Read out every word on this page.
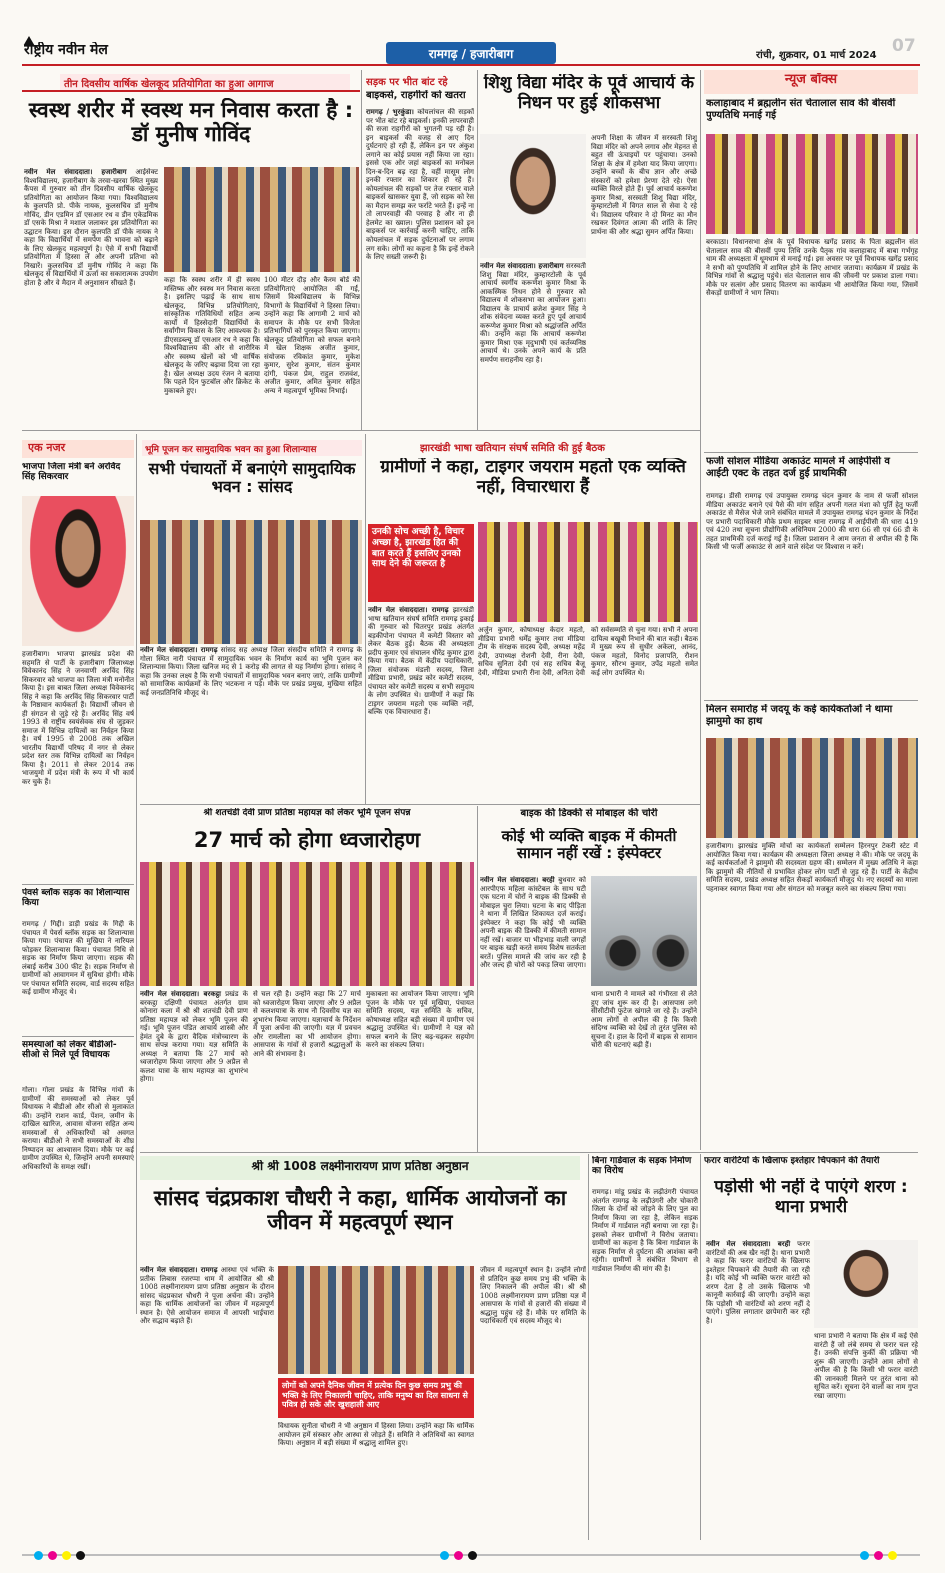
राष्ट्रीय नवीन मेल	रामगढ़ / हजारीबाग	रांची, शुक्रवार, 01 मार्च 2024 07
तीन दिवसीय वार्षिक खेलकूद प्रतियोगिता का हुआ आगाज
स्वस्थ शरीर में स्वस्थ मन निवास करता है : डॉ मुनीष गोविंद
नवीन मेल संवाददाता। हजारीबाग आईसेक्ट विश्वविद्यालय, हजारीबाग के तरवा-खरवा स्थित मुख्य कैंपस में गुरुवार को तीन दिवसीय वार्षिक खेलकूद प्रतियोगिता का आयोजन किया गया। विश्वविद्यालय के कुलपति प्रो. पीके नायक, कुलसचिव डॉ मुनीष गोविंद, डीन एडमिन डॉ एसआर रथ व डीन एकेडमिक डॉ एसके मिश्रा ने मशाल जलाकर इस प्रतियोगिता का उद्घाटन किया। इस दौरान कुलपति डॉ पीके नायक ने कहा कि विद्यार्थियों में समर्पण की भावना को बढ़ाने के लिए खेलकूद महत्वपूर्ण है। ऐसे में सभी विद्यार्थी प्रतियोगिता में हिस्सा लें और अपनी प्रतिभा को निखारें। कुलसचिव डॉ मुनीष गोविंद ने कहा कि खेलकूद से विद्यार्थियों में ऊर्जा का सकारात्मक उपयोग होता है और वे मैदान में अनुशासन सीखते हैं।	कहा कि स्वस्थ शरीर में ही स्वस्थ मस्तिष्क और स्वस्थ मन निवास करता है। इसलिए पढ़ाई के साथ साथ खेलकूद, विभिन्न प्रतियोगिताएं, सांस्कृतिक गतिविधियों सहित अन्य कार्यों में हिस्सेदारी विद्यार्थियों के सर्वांगीण विकास के लिए आवश्यक है। डीएसडब्ल्यू डॉ एसआर रथ ने कहा कि विश्वविद्यालय की ओर से शारीरिक और स्वस्थ्य खेलों को भी वार्षिक खेलकूद के जरिए बढ़ावा दिया जा रहा है। खेल अध्यक्ष उदय रंजन ने बताया कि पहले दिन फुटबॉल और क्रिकेट के मुकाबले हुए।
100 मीटर दौड़ और कैरम बोर्ड की प्रतियोगिताएं आयोजित की गईं, जिसमें विश्वविद्यालय के विभिन्न विभागों के विद्यार्थियों ने हिस्सा लिया। उन्होंने कहा कि आगामी 2 मार्च को समापन के मौके पर सभी विजेता प्रतिभागियों को पुरस्कृत किया जाएगा। खेलकूद प्रतियोगिता को सफल बनाने में खेल शिक्षक अजीत कुमार, संयोजक रविकांत कुमार, मुकेश कुमार, सुरेश कुमार, संतन कुमार दांगी, पंकज प्रेम, राहुल राजवंश, अजीत कुमार, अमित कुमार सहित अन्य ने महत्वपूर्ण भूमिका निभाई।
सड़क पर भीत बांट रहे
बाइकर्स, राहगीरों को खतरा
रामगढ़ / भुरकुंडा। कोयलांचल की सड़कों पर भीत बांट रहे बाइकर्स। इनकी लापरवाही की सजा राहगीरों को भुगतनी पड़ रही है। इन बाइकर्स की वजह से आए दिन दुर्घटनाएं हो रही हैं, लेकिन इन पर अंकुश लगाने का कोई प्रयास नहीं किया जा रहा। इससे एक ओर जहां बाइकर्स का मनोबल दिन-ब-दिन बढ़ रहा है, वहीं मासूम लोग इनकी रफ्तार का शिकार हो रहे हैं। कोयलांचल की सड़कों पर तेज रफ्तार वाले बाइकर्स खासकर युवा हैं, जो सड़क को रेस का मैदान समझ कर फर्राटे भरते हैं। इन्हें ना तो लापरवाही की परवाह है और ना ही हेलमेट का ख्याल। पुलिस प्रशासन को इन बाइकर्स पर कार्रवाई करनी चाहिए, ताकि कोयलांचल में सड़क दुर्घटनाओं पर लगाम लग सके। लोगों का कहना है कि इन्हें रोकने के लिए सख्ती जरूरी है।
शिशु विद्या मंदिर के पूर्व आचार्य के निधन पर हुई शोकसभा
नवीन मेल संवाददाता। हजारीबाग सरस्वती शिशु विद्या मंदिर, कुम्हारटोली के पूर्व आचार्य स्वर्गीय करूणेश कुमार मिश्रा के आकस्मिक निधन होने से गुरुवार को विद्यालय में शोकसभा का आयोजन हुआ। विद्यालय के प्राचार्य ब्रजेश कुमार सिंह ने शोक संवेदना व्यक्त करते हुए पूर्व आचार्य करूणेश कुमार मिश्रा को श्रद्धांजलि अर्पित की। उन्होंने कहा कि आचार्य करूणेश कुमार मिश्रा एक मृदुभाषी एवं कर्तव्यनिष्ठ आचार्य थे। उनके अपने कार्य के प्रति समर्पण सराहनीय रहा है।
अपनी शिक्षा के जीवन में सरस्वती शिशु विद्या मंदिर को अपने लगाव और मेहनत से बहुत सी ऊंचाइयों पर पहुंचाया। उनको शिक्षा के क्षेत्र में हमेशा याद किया जाएगा। उन्होंने बच्चों के बीच ज्ञान और अच्छे संस्कारों को हमेशा प्रेरणा देते रहे। ऐसा व्यक्ति विरले होते हैं। पूर्व आचार्य करूणेश कुमार मिश्रा, सरस्वती शिशु विद्या मंदिर, कुम्हारटोली में विगत साल से सेवा दे रहे थे। विद्यालय परिवार ने दो मिनट का मौन रखकर दिवंगत आत्मा की शांति के लिए प्रार्थना की और श्रद्धा सुमन अर्पित किया।
न्यूज बॉक्स
कलाहाबाद में ब्रह्मलीन संत चेतालाल साव की बीसवीं पुण्यतिथि मनाई गई
बरकाठा। विधानसभा क्षेत्र के पूर्व विधायक खगेंद्र प्रसाद के पिता ब्रह्मलीन संत चेतालाल साव की बीसवीं पुण्य तिथि उनके पैतृक गांव कलाहाबाद में बाबा गर्भगृह धाम की अध्यक्षता में धूमधाम से मनाई गई। इस अवसर पर पूर्व विधायक खगेंद्र प्रसाद ने सभी को पुण्यतिथि में शामिल होने के लिए आभार जताया। कार्यक्रम में प्रखंड के विभिन्न गांवों से श्रद्धालु पहुंचे। संत चेतालाल साव की जीवनी पर प्रकाश डाला गया। मौके पर सत्संग और प्रसाद वितरण का कार्यक्रम भी आयोजित किया गया, जिसमें सैकड़ों ग्रामीणों ने भाग लिया।
फर्जी सोशल मीडिया अकाउंट मामले में आईपीसी व आईटी एक्ट के तहत दर्ज हुई प्राथमिकी
रामगढ़। डीसी रामगढ़ एवं उपायुक्त रामगढ़ चंदन कुमार के नाम से फर्जी सोशल मीडिया अकाउंट बनाने एवं पैसे की मांग सहित अपनी गलत मंशा को पूर्ति हेतु फर्जी अकाउंट से मैसेज भेजे जाने संबंधित मामले में उपायुक्त रामगढ़ चंदन कुमार के निर्देश पर प्रभारी पदाधिकारी मौके प्रथम साइबर थाना रामगढ़ में आईपीसी की धारा 419 एवं 420 तथा सूचना प्रौद्योगिकी अधिनियम 2000 की धारा 66 सी एवं 66 डी के तहत प्राथमिकी दर्ज कराई गई है। जिला प्रशासन ने आम जनता से अपील की है कि किसी भी फर्जी अकाउंट से आने वाले संदेश पर विश्वास न करें।
मिलन समारोह में जदयू के कई कार्यकर्ताओं ने थामा झामुमो का हाथ
हजारीबाग। झारखंड मुक्ति मोर्चा का कार्यकर्ता सम्मेलन हिरनपुर टेकरी स्टेट में आयोजित किया गया। कार्यक्रम की अध्यक्षता जिला अध्यक्ष ने की। मौके पर जदयू के कई कार्यकर्ताओं ने झामुमो की सदस्यता ग्रहण की। सम्मेलन में मुख्य अतिथि ने कहा कि झामुमो की नीतियों से प्रभावित होकर लोग पार्टी से जुड़ रहे हैं। पार्टी के केंद्रीय समिति सदस्य, प्रखंड अध्यक्ष सहित सैकड़ों कार्यकर्ता मौजूद थे। नए सदस्यों का माला पहनाकर स्वागत किया गया और संगठन को मजबूत करने का संकल्प लिया गया।
एक नजर
भाजपा जिला मंत्री बने अरविंद सिंह सिकरवार
हजारीबाग। भाजपा झारखंड प्रदेश की सहमति से पार्टी के हजारीबाग जिलाध्यक्ष विवेकानंद सिंह ने जनवाणी अरविंद सिंह सिकरवार को भाजपा का जिला मंत्री मनोनीत किया है। इस बाबत जिला अध्यक्ष विवेकानंद सिंह ने कहा कि अरविंद सिंह सिकरवार पार्टी के निष्ठावान कार्यकर्ता हैं। विद्यार्थी जीवन से ही संगठन से जुड़े रहे हैं। अरविंद सिंह वर्ष 1993 से राष्ट्रीय स्वयंसेवक संघ से जुड़कर समाज में विभिन्न दायित्वों का निर्वहन किया है। वर्ष 1995 से 2008 तक अखिल भारतीय विद्यार्थी परिषद में नगर से लेकर प्रदेश स्तर तक विभिन्न दायित्वों का निर्वहन किया है। 2011 से लेकर 2014 तक भाजयुमो में प्रदेश मंत्री के रूप में भी कार्य कर चुके हैं।
पेवर्स ब्लॉक सड़क का शिलान्यास किया
रामगढ़ / गिद्दी। डाड़ी प्रखंड के गिद्दी के पंचायत में पेवर्स ब्लॉक सड़क का शिलान्यास किया गया। पंचायत की मुखिया ने नारियल फोड़कर शिलान्यास किया। पंचायत निधि से सड़क का निर्माण किया जाएगा। सड़क की लंबाई करीब 300 फीट है। सड़क निर्माण से ग्रामीणों को आवागमन में सुविधा होगी। मौके पर पंचायत समिति सदस्य, वार्ड सदस्य सहित कई ग्रामीण मौजूद थे।
समस्याओं को लेकर बीडीओ-सीओ से मिले पूर्व विधायक
गोला। गोला प्रखंड के विभिन्न गांवों के ग्रामीणों की समस्याओं को लेकर पूर्व विधायक ने बीडीओ और सीओ से मुलाकात की। उन्होंने राशन कार्ड, पेंशन, जमीन के दाखिल खारिज, आवास योजना सहित अन्य समस्याओं से अधिकारियों को अवगत कराया। बीडीओ ने सभी समस्याओं के शीघ्र निष्पादन का आश्वासन दिया। मौके पर कई ग्रामीण उपस्थित थे, जिन्होंने अपनी समस्याएं अधिकारियों के समक्ष रखीं।
भूमि पूजन कर सामुदायिक भवन का हुआ शिलान्यास
सभी पंचायतों में बनाएंगे सामुदायिक भवन : सांसद
नवीन मेल संवाददाता। रामगढ़ सांसद सह अध्यक्ष जिला संसदीय समिति ने रामगढ़ के गोला स्थित नारी पंचायत में सामुदायिक भवन के निर्माण कार्य का भूमि पूजन कर शिलान्यास किया। जिला खनिज मद से 1 करोड़ की लागत से यह निर्माण होगा। सांसद ने कहा कि उनका लक्ष्य है कि सभी पंचायतों में सामुदायिक भवन बनाए जाएं, ताकि ग्रामीणों को सामाजिक कार्यक्रमों के लिए भटकना न पड़े। मौके पर प्रखंड प्रमुख, मुखिया सहित कई जनप्रतिनिधि मौजूद थे।
झारखंडी भाषा खतियान संघर्ष समिति की हुई बैठक
ग्रामीणों ने कहा, टाइगर जयराम महतो एक व्यक्ति नहीं, विचारधारा हैं
उनकी सोच अच्छी है, विचार अच्छा है, झारखंड हित की बात करते हैं इसलिए उनको साथ देने की जरूरत है
नवीन मेल संवाददाता। रामगढ़ झारखंडी भाषा खतियान संघर्ष समिति रामगढ़ इकाई की गुरुवार को चितरपुर प्रखंड अंतर्गत बड़कीपोना पंचायत में कमेटी विस्तार को लेकर बैठक हुई। बैठक की अध्यक्षता प्रदीप कुमार एवं संचालन धीरेंद्र कुमार द्वारा किया गया। बैठक में केंद्रीय पदाधिकारी, जिला संयोजक मंडली सदस्य, जिला मीडिया प्रभारी, प्रखंड कोर कमेटी सदस्य, पंचायत कोर कमेटी सदस्य व सभी समुदाय के लोग उपस्थित थे। ग्रामीणों ने कहा कि टाइगर जयराम महतो एक व्यक्ति नहीं, बल्कि एक विचारधारा हैं।
अर्जुन कुमार, कोषाध्यक्ष केदार महतो, मीडिया प्रभारी धर्मेंद्र कुमार तथा मीडिया टीम के संरक्षक सदस्य देवी, अध्यक्ष महेंद्र देवी, उपाध्यक्ष रोशनी देवी, रीना देवी, सचिव सुनिता देवी एवं सह सचिव बैजू देवी, मीडिया प्रभारी रीना देवी, अनिता देवी को सर्वसम्मति से चुना गया। सभी ने अपना दायित्व बखूबी निभाने की बात कही। बैठक में मुख्य रूप से सुधीर अकेला, आनंद, पंकज महतो, विनोद प्रजापति, रौशन कुमार, सौरभ कुमार, उपेंद्र महतो समेत कई लोग उपस्थित थे।
श्री शतचंडी देवी प्राण प्रतिष्ठा महायज्ञ को लेकर भूमि पूजन संपन्न
27 मार्च को होगा ध्वजारोहण
नवीन मेल संवाददाता। बरकट्ठा प्रखंड के बरकट्ठा दक्षिणी पंचायत अंतर्गत ग्राम कोनारा कला में श्री श्री शतचंडी देवी प्राण प्रतिष्ठा महायज्ञ को लेकर भूमि पूजन की गई। भूमि पूजन पंडित आचार्य शास्त्री और हेमंत दुबे के द्वारा वैदिक मंत्रोच्चारण के साथ संपन्न कराया गया। यज्ञ समिति के अध्यक्ष ने बताया कि 27 मार्च को ध्वजारोहण किया जाएगा और 9 अप्रैल से कलश यात्रा के साथ महायज्ञ का शुभारंभ होगा।
से चल रही है। उन्होंने कहा कि 27 मार्च को ध्वजारोहण किया जाएगा और 9 अप्रैल से कलशयात्रा के साथ नौ दिवसीय यज्ञ का शुभारंभ किया जाएगा। यज्ञाचार्य के निर्देशन में पूजा अर्चना की जाएगी। यज्ञ में प्रवचन और रामलीला का भी आयोजन होगा। आसपास के गांवों से हजारों श्रद्धालुओं के आने की संभावना है।
मुकाबला का आयोजन किया जाएगा। भूमि पूजन के मौके पर पूर्व मुखिया, पंचायत समिति सदस्य, यज्ञ समिति के सचिव, कोषाध्यक्ष सहित बड़ी संख्या में ग्रामीण एवं श्रद्धालु उपस्थित थे। ग्रामीणों ने यज्ञ को सफल बनाने के लिए बढ़-चढ़कर सहयोग करने का संकल्प लिया।
बाइक की डिक्की से मोबाइल की चोरी
कोई भी व्यक्ति बाइक में कीमती सामान नहीं रखें : इंस्पेक्टर
नवीन मेल संवाददाता। बरही बुधवार को आरपीएफ महिला कांस्टेबल के साथ घटी एक घटना में चोरों ने बाइक की डिक्की से मोबाइल चुरा लिया। घटना के बाद पीड़िता ने थाना में लिखित शिकायत दर्ज कराई। इंस्पेक्टर ने कहा कि कोई भी व्यक्ति अपनी बाइक की डिक्की में कीमती सामान नहीं रखें। बाजार या भीड़भाड़ वाली जगहों पर बाइक खड़ी करते समय विशेष सतर्कता बरतें। पुलिस मामले की जांच कर रही है और जल्द ही चोरों को पकड़ लिया जाएगा।
थाना प्रभारी ने मामले को गंभीरता से लेते हुए जांच शुरू कर दी है। आसपास लगे सीसीटीवी फुटेज खंगाले जा रहे हैं। उन्होंने आम लोगों से अपील की है कि किसी संदिग्ध व्यक्ति को देखें तो तुरंत पुलिस को सूचना दें। हाल के दिनों में बाइक से सामान चोरी की घटनाएं बढ़ी हैं।
श्री श्री 1008 लक्ष्मीनारायण प्राण प्रतिष्ठा अनुष्ठान
सांसद चंद्रप्रकाश चौधरी ने कहा, धार्मिक आयोजनों का जीवन में महत्वपूर्ण स्थान
नवीन मेल संवाददाता। रामगढ़ आस्था एवं भक्ति के प्रतीक लिबास रजरप्पा धाम में आयोजित श्री श्री 1008 लक्ष्मीनारायण प्राण प्रतिष्ठा अनुष्ठान के दौरान सांसद चंद्रप्रकाश चौधरी ने पूजा अर्चना की। उन्होंने कहा कि धार्मिक आयोजनों का जीवन में महत्वपूर्ण स्थान है। ऐसे आयोजन समाज में आपसी भाईचारा और सद्भाव बढ़ाते हैं।
लोगों को अपने दैनिक जीवन में प्रत्येक दिन कुछ समय प्रभु की भक्ति के लिए निकालनी चाहिए, ताकि मनुष्य का दिल साधना से पवित्र हो सके और खुशहाली आए
विधायक सुनीता चौधरी ने भी अनुष्ठान में हिस्सा लिया। उन्होंने कहा कि धार्मिक आयोजन हमें संस्कार और आस्था से जोड़ते हैं। समिति ने अतिथियों का स्वागत किया। अनुष्ठान में बड़ी संख्या में श्रद्धालु शामिल हुए।
जीवन में महत्वपूर्ण स्थान है। उन्होंने लोगों से प्रतिदिन कुछ समय प्रभु की भक्ति के लिए निकालने की अपील की। श्री श्री 1008 लक्ष्मीनारायण प्राण प्रतिष्ठा यज्ञ में आसपास के गांवों से हजारों की संख्या में श्रद्धालु पहुंच रहे हैं। मौके पर समिति के पदाधिकारी एवं सदस्य मौजूद थे।
बिना गार्डवाल के सड़क निर्माण का विरोध
रामगढ़। मांडू प्रखंड के लढ़ीउंगरी पंचायत अंतर्गत रामगढ़ के लढ़ीउंगरी और चोकारी जिला के दोनों को जोड़ने के लिए पुल का निर्माण किया जा रहा है, लेकिन सड़क निर्माण में गार्डवाल नहीं बनाया जा रहा है। इसको लेकर ग्रामीणों ने विरोध जताया। ग्रामीणों का कहना है कि बिना गार्डवाल के सड़क निर्माण से दुर्घटना की आशंका बनी रहेगी। ग्रामीणों ने संबंधित विभाग से गार्डवाल निर्माण की मांग की है।
फरार वारंटियों के खिलाफ इश्तेहार चिपकाने की तैयारी
पड़ोसी भी नहीं दे पाएंगे शरण : थाना प्रभारी
नवीन मेल संवाददाता। बरही फरार वारंटियों की अब खैर नहीं है। थाना प्रभारी ने कहा कि फरार वारंटियों के खिलाफ इश्तेहार चिपकाने की तैयारी की जा रही है। यदि कोई भी व्यक्ति फरार वारंटी को शरण देता है तो उसके खिलाफ भी कानूनी कार्रवाई की जाएगी। उन्होंने कहा कि पड़ोसी भी वारंटियों को शरण नहीं दे पाएंगे। पुलिस लगातार छापेमारी कर रही है।
थाना प्रभारी ने बताया कि क्षेत्र में कई ऐसे वारंटी हैं जो लंबे समय से फरार चल रहे हैं। उनकी संपत्ति कुर्की की प्रक्रिया भी शुरू की जाएगी। उन्होंने आम लोगों से अपील की है कि किसी भी फरार वारंटी की जानकारी मिलने पर तुरंत थाना को सूचित करें। सूचना देने वालों का नाम गुप्त रखा जाएगा।
